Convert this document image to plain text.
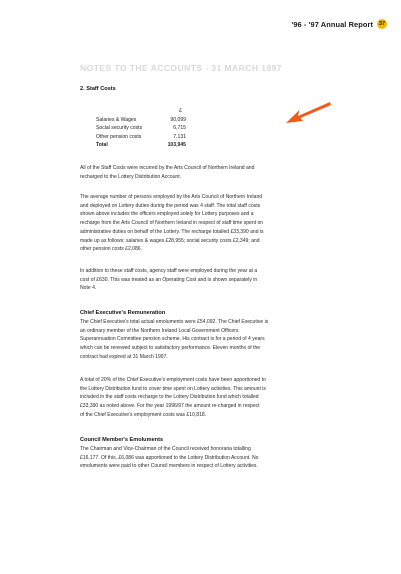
'96 - '97 Annual Report	37
NOTES TO THE ACCOUNTS - 31 MARCH 1997
2. Staff Costs
£
Salaries & Wages	90,099
Social security costs	6,715
Other pension costs	7,131
Total	103,945

All of the Staff Costs were incurred by the Arts Council of Northern Ireland and
recharged to the Lottery Distribution Account.

The average number of persons employed by the Arts Council of Northern Ireland
and deployed on Lottery duties during the period was 4 staff. The total staff costs
shown above includes the officers employed solely for Lottery purposes and a
recharge from the Arts Council of Northern Ireland in respect of staff time spent on
administrative duties on behalf of the Lottery. The recharge totalled £33,390 and is
made up as follows: salaries & wages £28,955; social security costs £2,349; and
other pension costs £2,086.

In addition to these staff costs, agency staff were employed during the year at a
cost of £630. This was treated as an Operating Cost and is shown separately in
Note 4.

Chief Executive's Remuneration

The Chief Executive's total actual emoluments were £54,092. The Chief Executive is
an ordinary member of the Northern Ireland Local Government Officers
Superannuation Committee pension scheme. His contract is for a period of 4 years
which can be renewed subject to satisfactory performance. Eleven months of the
contract had expired at 31 March 1997.

A total of 20% of the Chief Executive's employment costs have been apportioned to
the Lottery Distribution fund to cover time spent on Lottery activities. This amount is
included in the staff costs recharge to the Lottery Distribution fund which totalled
£33,390 as noted above. For the year 1996/97 the amount re-charged in respect
of the Chief Executive's employment costs was £10,818.

Council Member's Emoluments

The Chairman and Vice-Chairman of the Council received honoraria totalling
£16,177. Of this, £6,086 was apportioned to the Lottery Distribution Account. No
emoluments were paid to other Council members in respect of Lottery activities.
